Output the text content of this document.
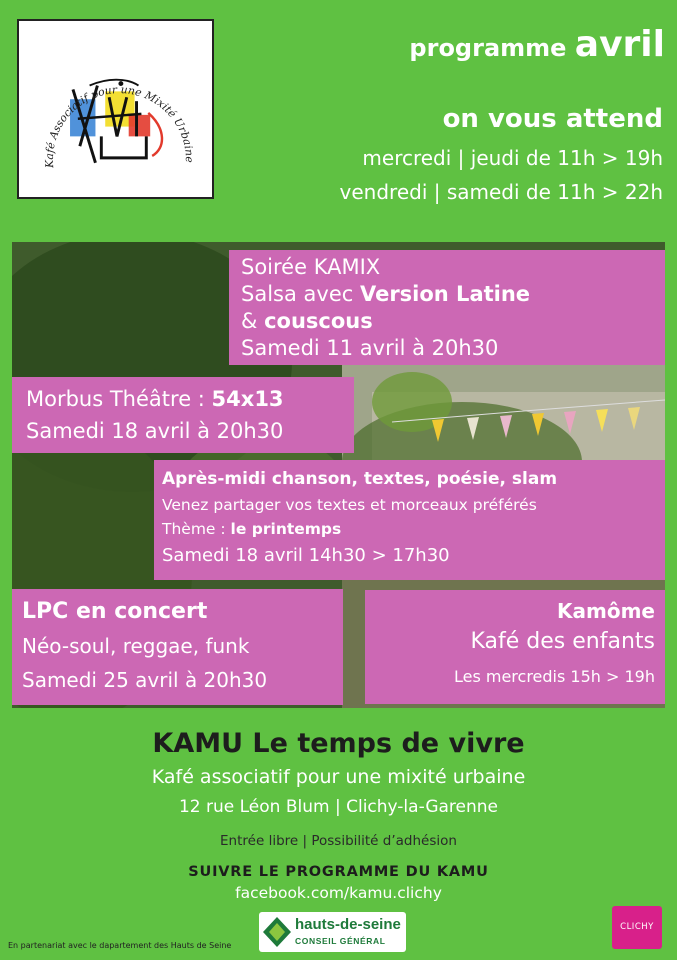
Kafé Associatif pour une Mixité Urbaine
programme avril
on vous attend
mercredi | jeudi de 11h > 19h
vendredi | samedi de 11h > 22h
Soirée KAMIX
Salsa avec Version Latine
& couscous
Samedi 11 avril à 20h30
Morbus Théâtre : 54x13
Samedi 18 avril à 20h30
Après-midi chanson, textes, poésie, slam
Venez partager vos textes et morceaux préférés
Thème : le printemps
Samedi 18 avril 14h30 > 17h30
LPC en concert
Néo-soul, reggae, funk
Samedi 25 avril à 20h30
Kamôme
Kafé des enfants
Les mercredis 15h > 19h
KAMU Le temps de vivre
Kafé associatif pour une mixité urbaine
12 rue Léon Blum | Clichy-la-Garenne
Entrée libre | Possibilité d’adhésion
SUIVRE LE PROGRAMME DU KAMU
facebook.com/kamu.clichy
En partenariat avec le dapartement des Hauts de Seine
hauts-de-seine
CONSEIL GÉNÉRAL
CLICHY
